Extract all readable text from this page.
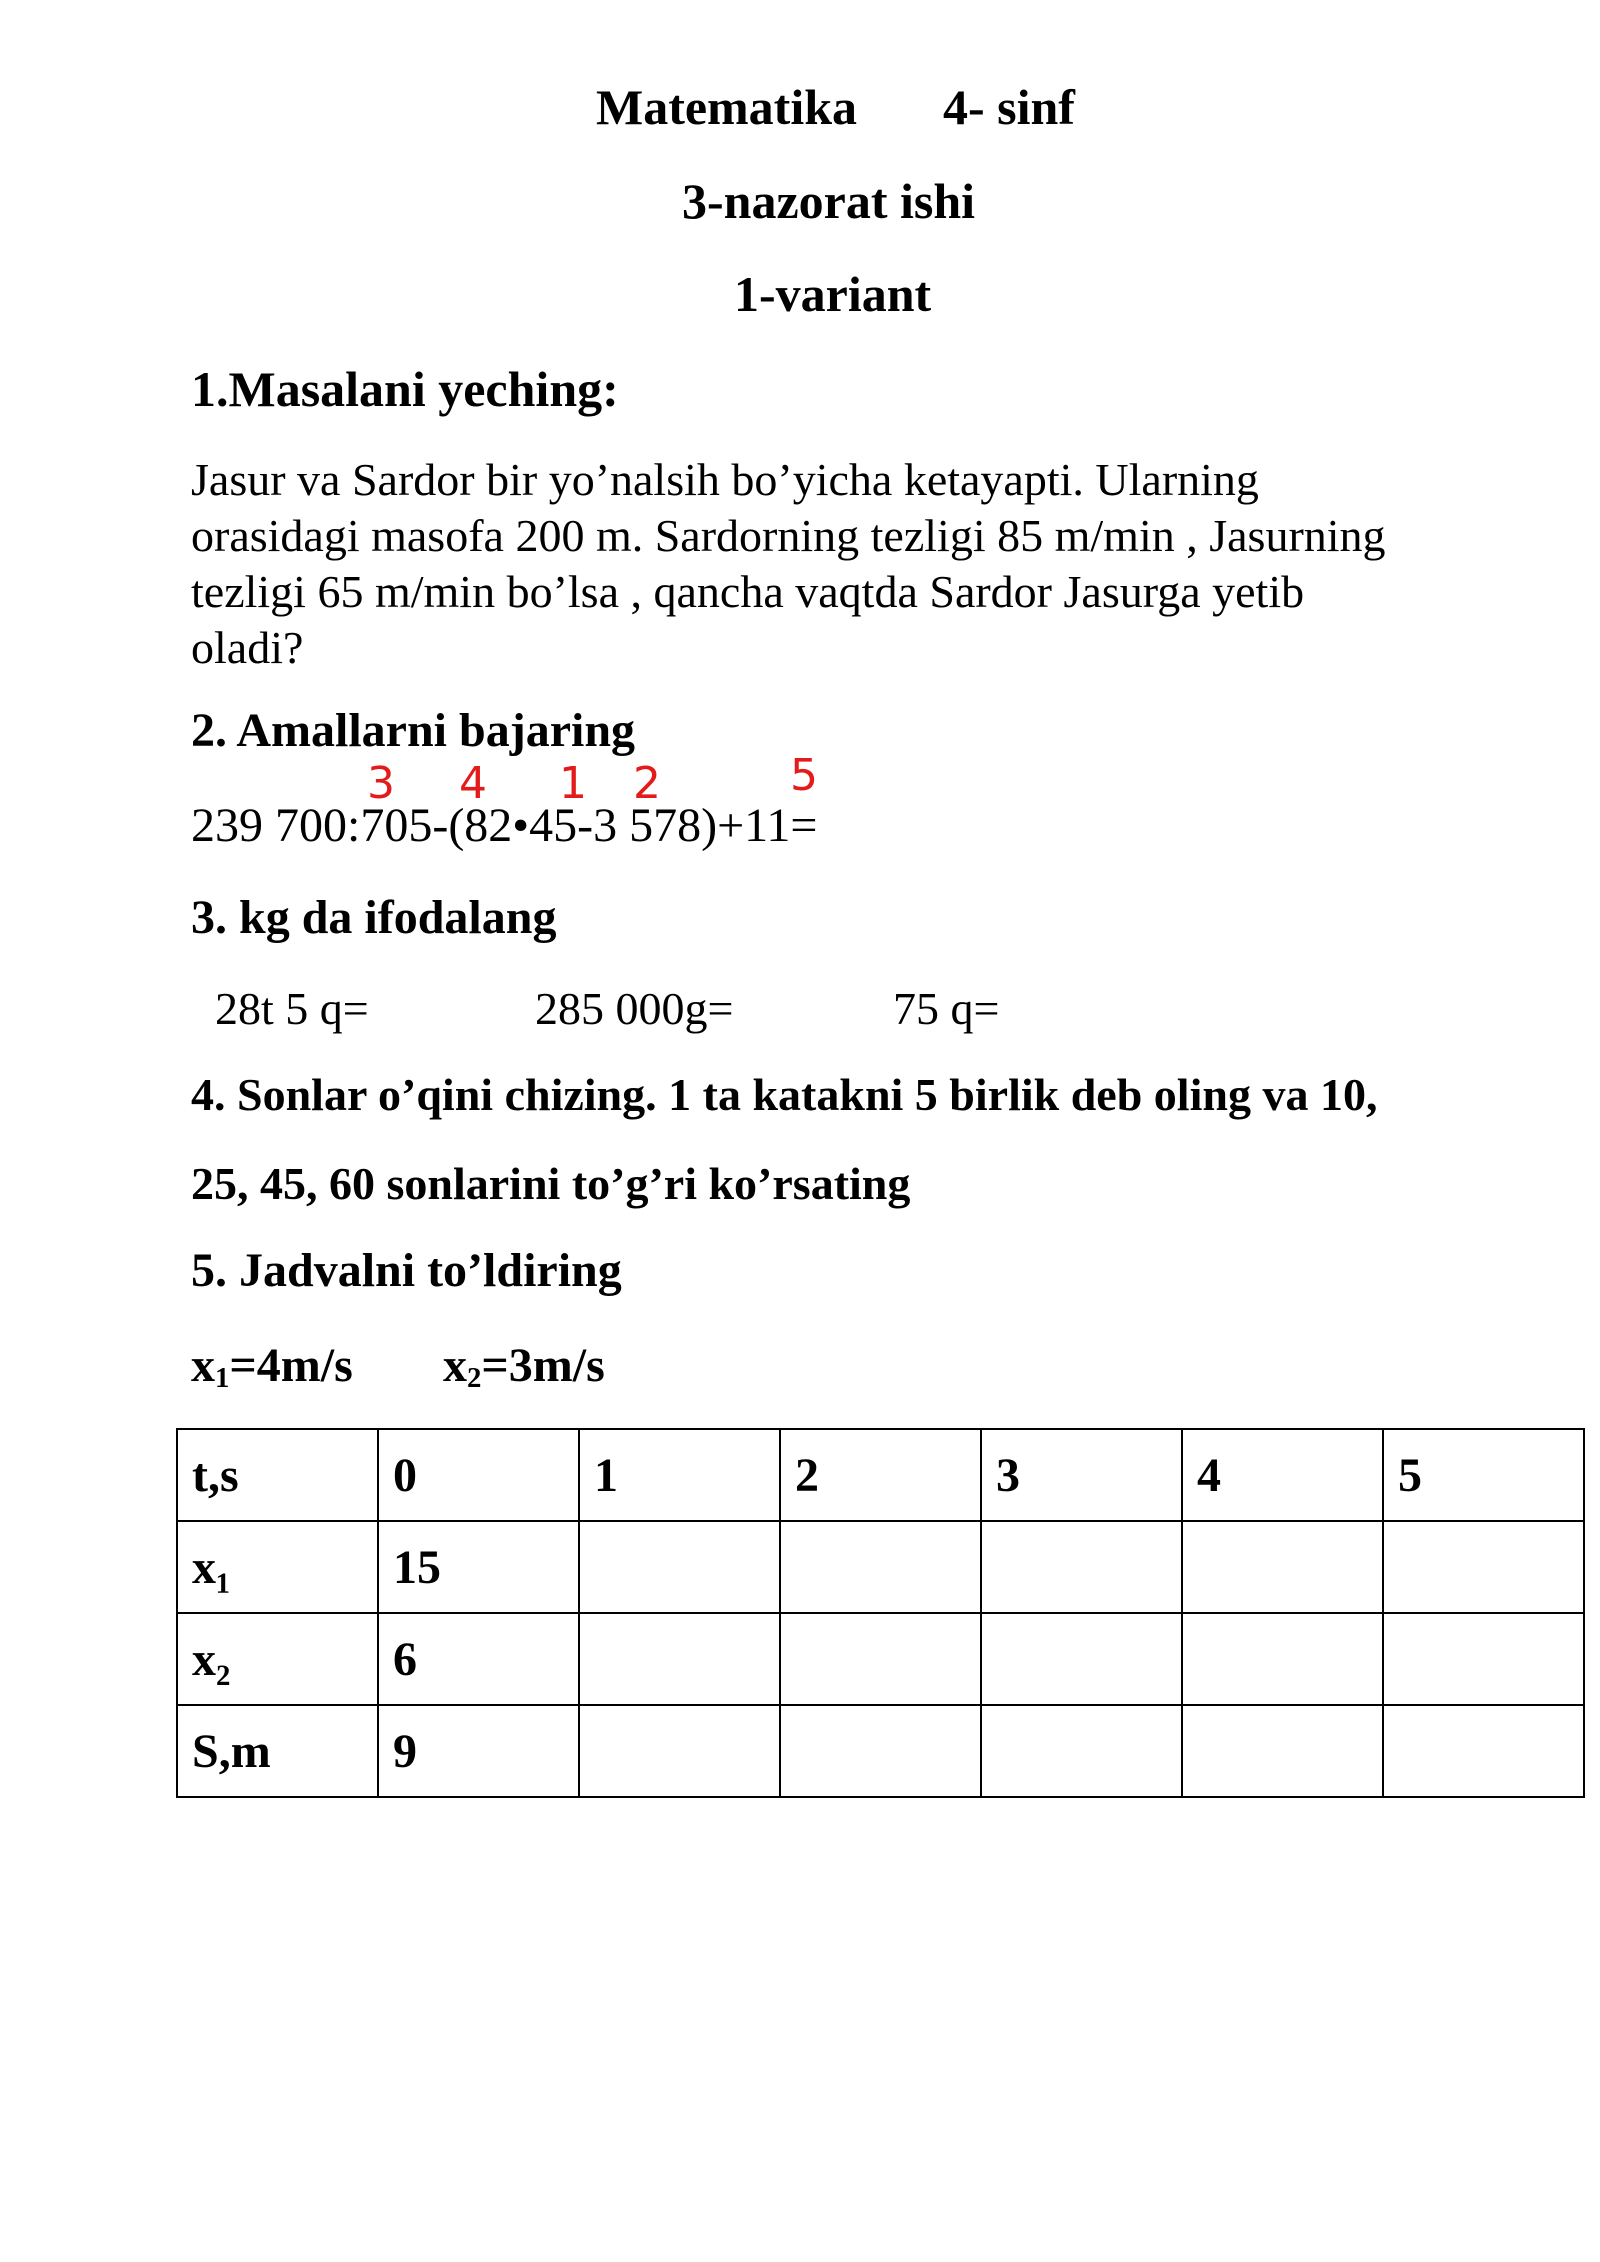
Matematika 4- sinf
3-nazorat ishi
1-variant
1.Masalani yeching:
Jasur va Sardor bir yo’nalsih bo’yicha ketayapti. Ularning
orasidagi masofa 200 m. Sardorning tezligi 85 m/min , Jasurning
tezligi 65 m/min bo’lsa , qancha vaqtda Sardor Jasurga yetib
oladi?
2. Amallarni bajaring
3 4 1 2	5
239 700:705-(82•45-3 578)+11=
3. kg da ifodalang
28t 5 q=	285 000g=	75 q=
4. Sonlar o’qini chizing. 1 ta katakni 5 birlik deb oling va 10,
25, 45, 60 sonlarini to’g’ri ko’rsating
5. Jadvalni to’ldiring
$x_1=4m/s$ $x_2=3m/s$
t,s	0	1	2	3	4	5
x₁	15					
x₂	6					
S,m	9					
